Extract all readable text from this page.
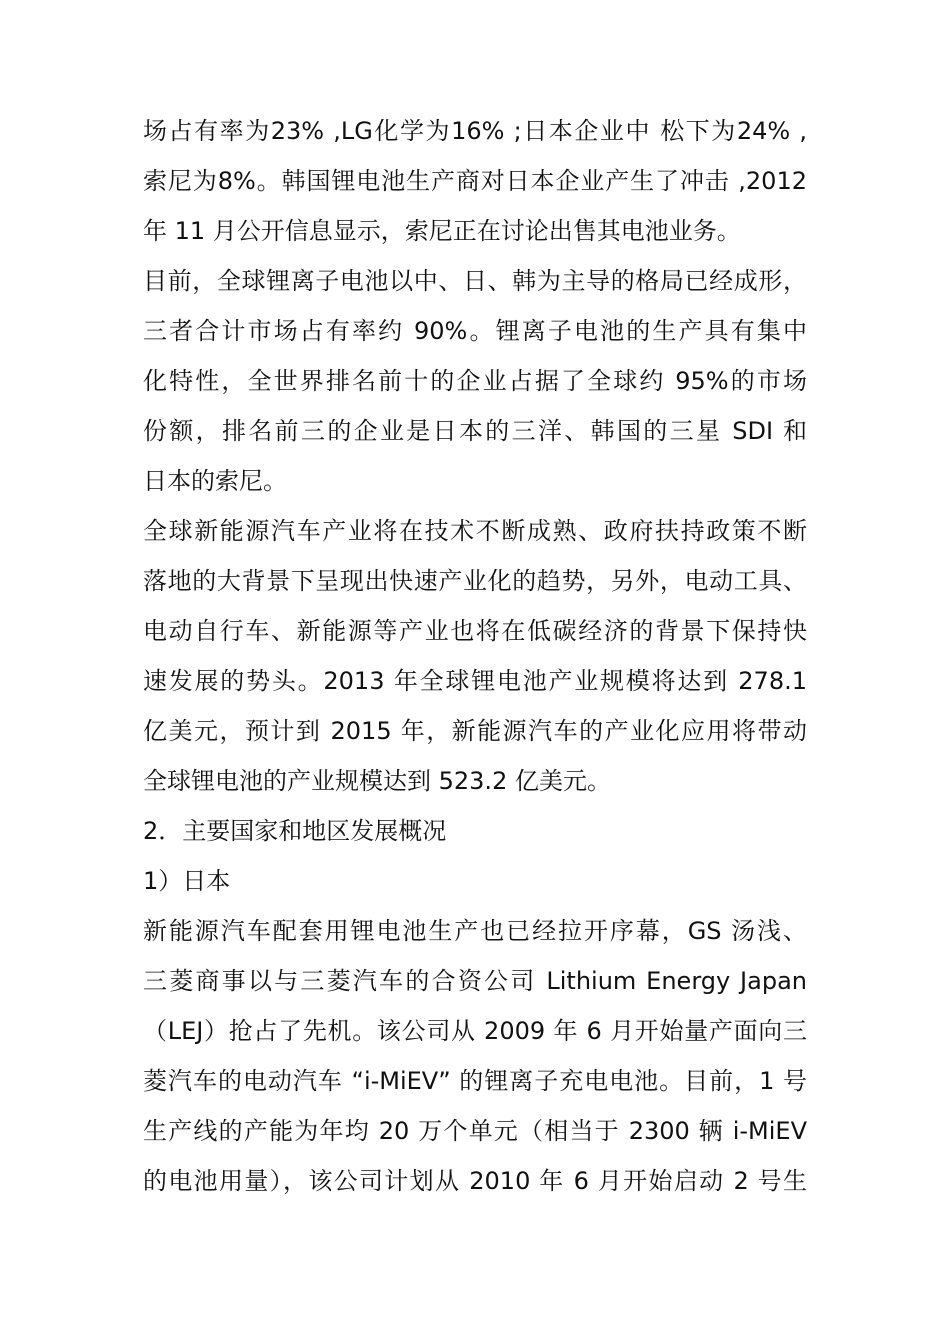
场占有率为23% ,LG化学为16% ;日本企业中 松下为24% ,
索尼为8%。韩国锂电池生产商对日本企业产生了冲击 ,2012
年 11 月公开信息显示，索尼正在讨论出售其电池业务。
目前，全球锂离子电池以中、日、韩为主导的格局已经成形，
三者合计市场占有率约 90%。锂离子电池的生产具有集中
化特性，全世界排名前十的企业占据了全球约 95%的市场
份额，排名前三的企业是日本的三洋、韩国的三星 SDI 和
日本的索尼。
全球新能源汽车产业将在技术不断成熟、政府扶持政策不断
落地的大背景下呈现出快速产业化的趋势，另外，电动工具、
电动自行车、新能源等产业也将在低碳经济的背景下保持快
速发展的势头。2013 年全球锂电池产业规模将达到 278.1
亿美元，预计到 2015 年，新能源汽车的产业化应用将带动
全球锂电池的产业规模达到 523.2 亿美元。
2．主要国家和地区发展概况
1）日本
新能源汽车配套用锂电池生产也已经拉开序幕，GS 汤浅、
三菱商事以与三菱汽车的合资公司 Lithium Energy Japan
（LEJ）抢占了先机。该公司从 2009 年 6 月开始量产面向三
菱汽车的电动汽车 “i-MiEV” 的锂离子充电电池。目前，1 号
生产线的产能为年均 20 万个单元（相当于 2300 辆 i-MiEV
的电池用量），该公司计划从 2010 年 6 月开始启动 2 号生
